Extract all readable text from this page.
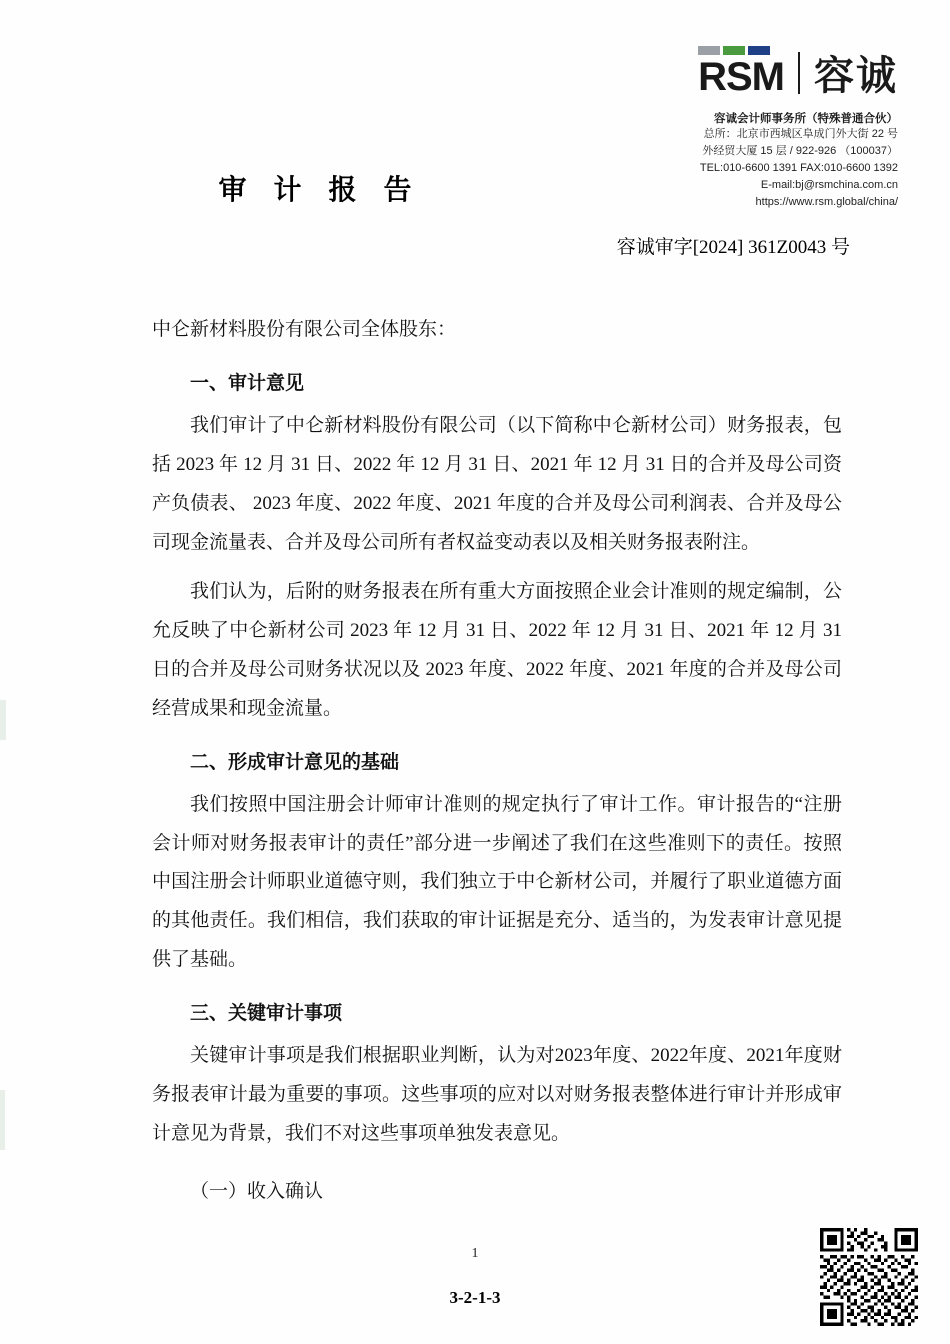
RSM 容诚
容诚会计师事务所（特殊普通合伙）
总所：北京市西城区阜成门外大街 22 号
外经贸大厦 15 层 / 922-926 （100037）
TEL:010-6600 1391 FAX:010-6600 1392
E-mail:bj@rsmchina.com.cn
https://www.rsm.global/china/
审 计 报 告
容诚审字[2024] 361Z0043 号
中仑新材料股份有限公司全体股东：
一、审计意见

我们审计了中仑新材料股份有限公司（以下简称中仑新材公司）财务报表，包括 2023 年 12 月 31 日、2022 年 12 月 31 日、2021 年 12 月 31 日的合并及母公司资产负债表、 2023 年度、2022 年度、2021 年度的合并及母公司利润表、合并及母公司现金流量表、合并及母公司所有者权益变动表以及相关财务报表附注。

我们认为，后附的财务报表在所有重大方面按照企业会计准则的规定编制，公允反映了中仑新材公司 2023 年 12 月 31 日、2022 年 12 月 31 日、2021 年 12 月 31 日的合并及母公司财务状况以及 2023 年度、2022 年度、2021 年度的合并及母公司经营成果和现金流量。

二、形成审计意见的基础

我们按照中国注册会计师审计准则的规定执行了审计工作。审计报告的“注册会计师对财务报表审计的责任”部分进一步阐述了我们在这些准则下的责任。按照中国注册会计师职业道德守则，我们独立于中仑新材公司，并履行了职业道德方面的其他责任。我们相信，我们获取的审计证据是充分、适当的，为发表审计意见提供了基础。

三、关键审计事项

关键审计事项是我们根据职业判断，认为对2023年度、2022年度、2021年度财务报表审计最为重要的事项。这些事项的应对以对财务报表整体进行审计并形成审计意见为背景，我们不对这些事项单独发表意见。

（一）收入确认
1
3-2-1-3
